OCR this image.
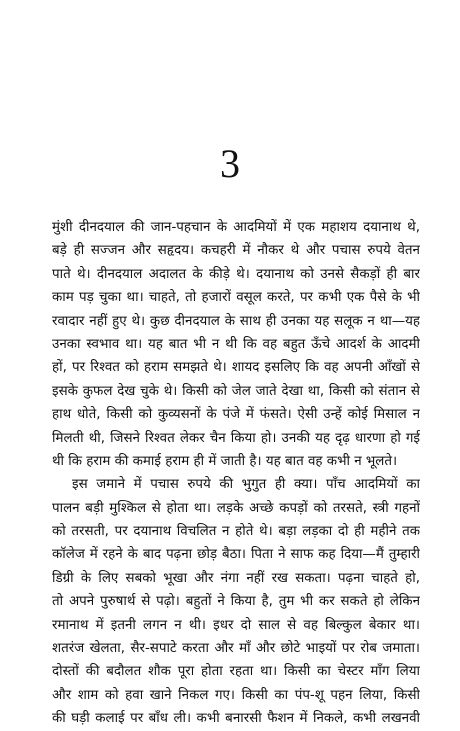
3
मुंशी दीनदयाल की जान-पहचान के आदमियों में एक महाशय दयानाथ थे,
बड़े ही सज्जन और सहृदय। कचहरी में नौकर थे और पचास रुपये वेतन
पाते थे। दीनदयाल अदालत के कीड़े थे। दयानाथ को उनसे सैकड़ों ही बार
काम पड़ चुका था। चाहते, तो हजारों वसूल करते, पर कभी एक पैसे के भी
रवादार नहीं हुए थे। कुछ दीनदयाल के साथ ही उनका यह सलूक न था—यह
उनका स्वभाव था। यह बात भी न थी कि वह बहुत ऊँचे आदर्श के आदमी
हों, पर रिश्वत को हराम समझते थे। शायद इसलिए कि वह अपनी आँखों से
इसके कुफल देख चुके थे। किसी को जेल जाते देखा था, किसी को संतान से
हाथ धोते, किसी को कुव्यसनों के पंजे में फंसते। ऐसी उन्हें कोई मिसाल न
मिलती थी, जिसने रिश्वत लेकर चैन किया हो। उनकी यह दृढ़ धारणा हो गई
थी कि हराम की कमाई हराम ही में जाती है। यह बात वह कभी न भूलते।
इस जमाने में पचास रुपये की भुगुत ही क्या। पाँच आदमियों का
पालन बड़ी मुश्किल से होता था। लड़के अच्छे कपड़ों को तरसते, स्त्री गहनों
को तरसती, पर दयानाथ विचलित न होते थे। बड़ा लड़का दो ही महीने तक
कॉलेज में रहने के बाद पढ़ना छोड़ बैठा। पिता ने साफ कह दिया—मैं तुम्हारी
डिग्री के लिए सबको भूखा और नंगा नहीं रख सकता। पढ़ना चाहते हो,
तो अपने पुरुषार्थ से पढ़ो। बहुतों ने किया है, तुम भी कर सकते हो लेकिन
रमानाथ में इतनी लगन न थी। इधर दो साल से वह बिल्कुल बेकार था।
शतरंज खेलता, सैर-सपाटे करता और माँ और छोटे भाइयों पर रोब जमाता।
दोस्तों की बदौलत शौक पूरा होता रहता था। किसी का चेस्टर माँग लिया
और शाम को हवा खाने निकल गए। किसी का पंप-शू पहन लिया, किसी
की घड़ी कलाई पर बाँध ली। कभी बनारसी फैशन में निकले, कभी लखनवी
